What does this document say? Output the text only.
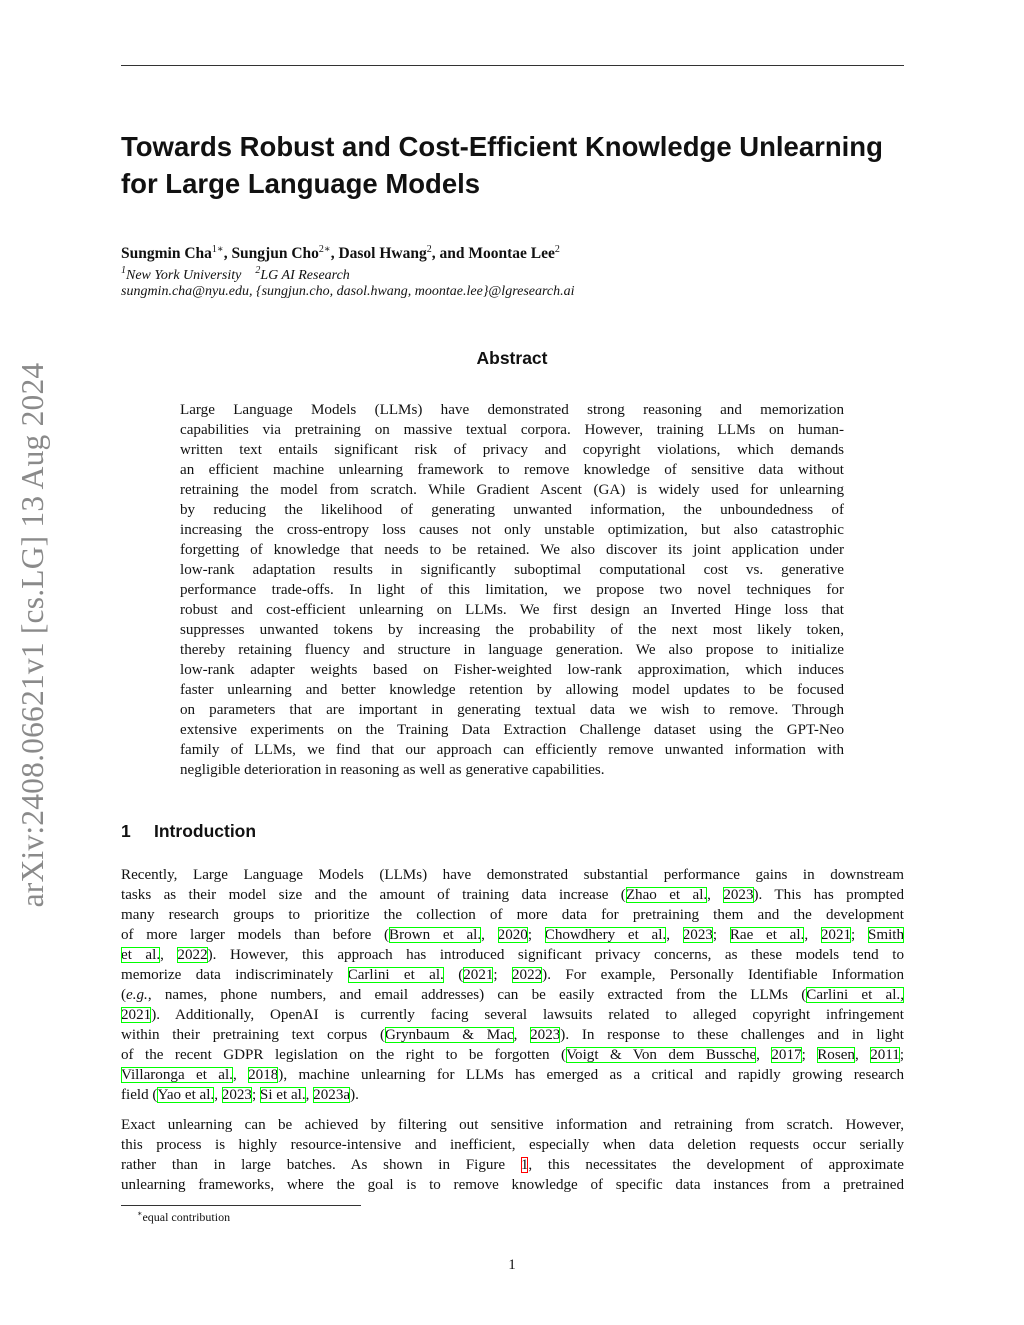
arXiv:2408.06621v1 [cs.LG] 13 Aug 2024
Towards Robust and Cost-Efficient Knowledge Unlearning
for Large Language Models
Sungmin Cha$^{1∗}$, Sungjun Cho$^{2∗}$, Dasol Hwang$^2$, and Moontae Lee$^2$
$^1$New York University $^2$LG AI Research
sungmin.cha@nyu.edu, {sungjun.cho, dasol.hwang, moontae.lee}@lgresearch.ai
Abstract
Large Language Models (LLMs) have demonstrated strong reasoning and memorization
capabilities via pretraining on massive textual corpora. However, training LLMs on human-
written text entails significant risk of privacy and copyright violations, which demands
an efficient machine unlearning framework to remove knowledge of sensitive data without
retraining the model from scratch. While Gradient Ascent (GA) is widely used for unlearning
by reducing the likelihood of generating unwanted information, the unboundedness of
increasing the cross-entropy loss causes not only unstable optimization, but also catastrophic
forgetting of knowledge that needs to be retained. We also discover its joint application under
low-rank adaptation results in significantly suboptimal computational cost vs. generative
performance trade-offs. In light of this limitation, we propose two novel techniques for
robust and cost-efficient unlearning on LLMs. We first design an Inverted Hinge loss that
suppresses unwanted tokens by increasing the probability of the next most likely token,
thereby retaining fluency and structure in language generation. We also propose to initialize
low-rank adapter weights based on Fisher-weighted low-rank approximation, which induces
faster unlearning and better knowledge retention by allowing model updates to be focused
on parameters that are important in generating textual data we wish to remove. Through
extensive experiments on the Training Data Extraction Challenge dataset using the GPT-Neo
family of LLMs, we find that our approach can efficiently remove unwanted information with
negligible deterioration in reasoning as well as generative capabilities.
1 Introduction
Recently, Large Language Models (LLMs) have demonstrated substantial performance gains in downstream
tasks as their model size and the amount of training data increase (Zhao et al., 2023). This has prompted
many research groups to prioritize the collection of more data for pretraining them and the development
of more larger models than before (Brown et al., 2020; Chowdhery et al., 2023; Rae et al., 2021; Smith
et al., 2022). However, this approach has introduced significant privacy concerns, as these models tend to
memorize data indiscriminately Carlini et al. (2021; 2022). For example, Personally Identifiable Information
(e.g., names, phone numbers, and email addresses) can be easily extracted from the LLMs (Carlini et al.,
2021). Additionally, OpenAI is currently facing several lawsuits related to alleged copyright infringement
within their pretraining text corpus (Grynbaum & Mac, 2023). In response to these challenges and in light
of the recent GDPR legislation on the right to be forgotten (Voigt & Von dem Bussche, 2017; Rosen, 2011;
Villaronga et al., 2018), machine unlearning for LLMs has emerged as a critical and rapidly growing research
field (Yao et al., 2023; Si et al., 2023a).
Exact unlearning can be achieved by filtering out sensitive information and retraining from scratch. However,
this process is highly resource-intensive and inefficient, especially when data deletion requests occur serially
rather than in large batches. As shown in Figure 1, this necessitates the development of approximate
unlearning frameworks, where the goal is to remove knowledge of specific data instances from a pretrained
∗equal contribution
1
